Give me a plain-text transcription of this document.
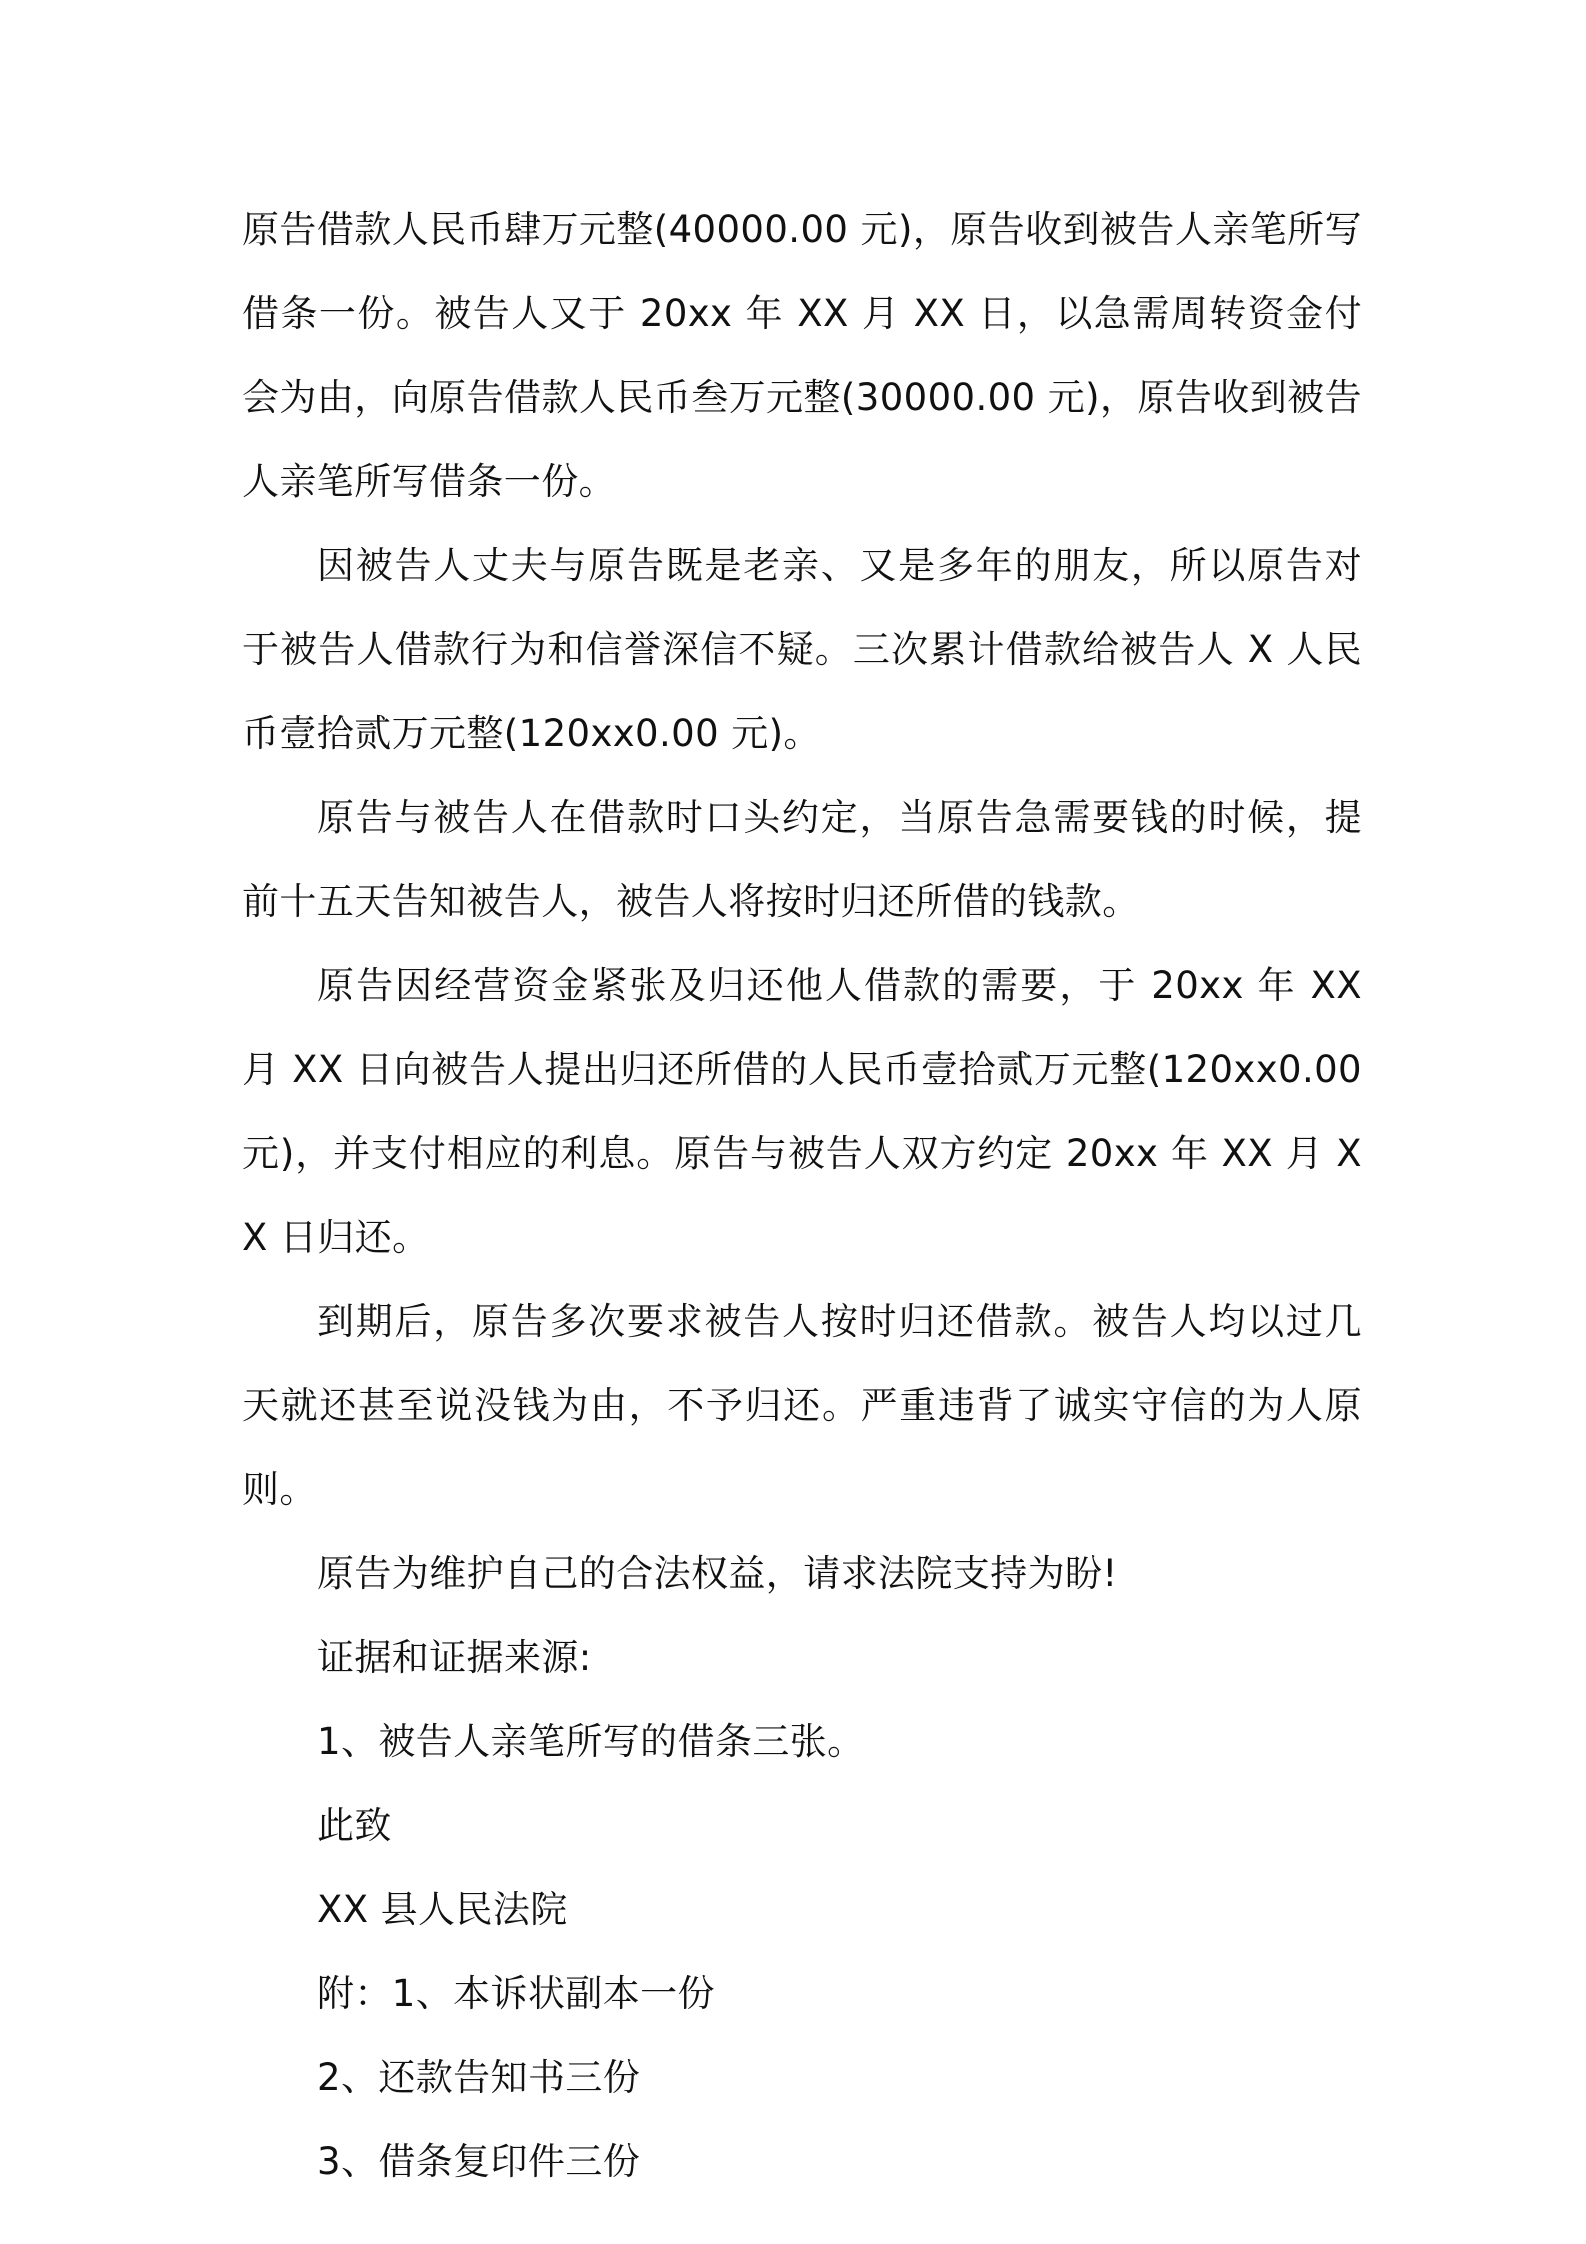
原告借款人民币肆万元整(40000.00 元)，原告收到被告人亲笔所写借条一份。被告人又于 20xx 年 XX 月 XX 日，以急需周转资金付会为由，向原告借款人民币叁万元整(30000.00 元)，原告收到被告人亲笔所写借条一份。

因被告人丈夫与原告既是老亲、又是多年的朋友，所以原告对于被告人借款行为和信誉深信不疑。三次累计借款给被告人 X 人民币壹拾贰万元整(120xx0.00 元)。

原告与被告人在借款时口头约定，当原告急需要钱的时候，提前十五天告知被告人，被告人将按时归还所借的钱款。

原告因经营资金紧张及归还他人借款的需要，于 20xx 年 XX 月 XX 日向被告人提出归还所借的人民币壹拾贰万元整(120xx0.00 元)，并支付相应的利息。原告与被告人双方约定 20xx 年 XX 月 XX 日归还。

到期后，原告多次要求被告人按时归还借款。被告人均以过几天就还甚至说没钱为由，不予归还。严重违背了诚实守信的为人原则。

原告为维护自己的合法权益，请求法院支持为盼!

证据和证据来源:

1、被告人亲笔所写的借条三张。

此致

XX 县人民法院

附：1、本诉状副本一份

2、还款告知书三份

3、借条复印件三份
